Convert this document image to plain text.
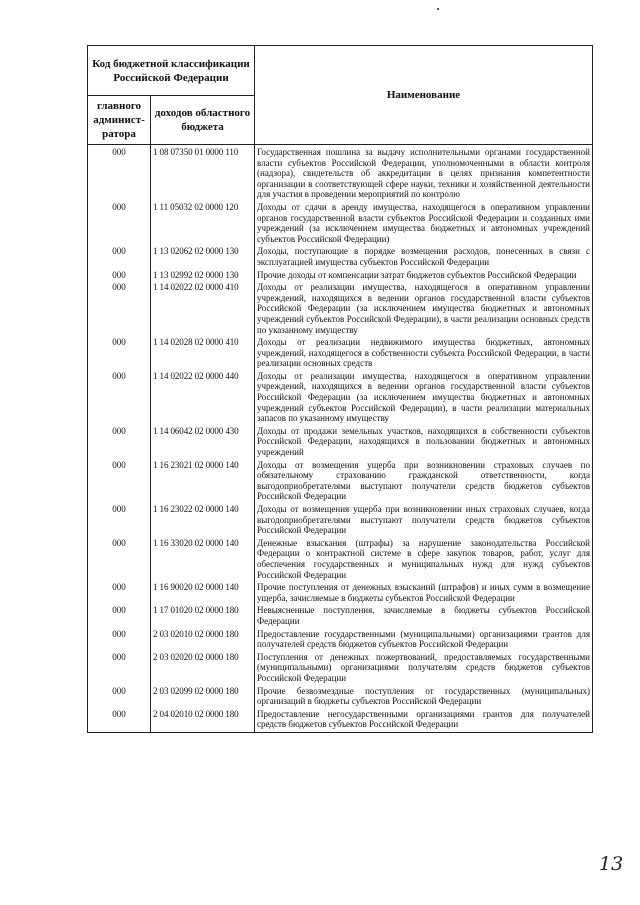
Код бюджетной классификации Российской Федерации		Наименование
главного админист-ратора	доходов областного бюджета	
000	1 08 07350 01 0000 110	Государственная пошлина за выдачу исполнительными органами государственной власти субъектов Российской Федерации, уполномоченными в области контроля (надзора), свидетельств об аккредитации в целях признания компетентности организации в соответствующей сфере науки, техники и хозяйственной деятельности для участия в проведении мероприятий по контролю
000	1 11 05032 02 0000 120	Доходы от сдачи в аренду имущества, находящегося в оперативном управлении органов государственной власти субъектов Российской Федерации и созданных ими учреждений (за исключением имущества бюджетных и автономных учреждений субъектов Российской Федерации)
000	1 13 02062 02 0000 130	Доходы, поступающие в порядке возмещения расходов, понесенных в связи с эксплуатацией имущества субъектов Российской Федерации
000	1 13 02992 02 0000 130	Прочие доходы от компенсации затрат бюджетов субъектов Российской Федерации
000	1 14 02022 02 0000 410	Доходы от реализации имущества, находящегося в оперативном управлении учреждений, находящихся в ведении органов государственной власти субъектов Российской Федерации (за исключением имущества бюджетных и автономных учреждений субъектов Российской Федерации), в части реализации основных средств по указанному имуществу
000	1 14 02028 02 0000 410	Доходы от реализации недвижимого имущества бюджетных, автономных учреждений, находящегося в собственности субъекта Российской Федерации, в части реализации основных средств
000	1 14 02022 02 0000 440	Доходы от реализации имущества, находящегося в оперативном управлении учреждений, находящихся в ведении органов государственной власти субъектов Российской Федерации (за исключением имущества бюджетных и автономных учреждений субъектов Российской Федерации), в части реализации материальных запасов по указанному имуществу
000	1 14 06042 02 0000 430	Доходы от продажи земельных участков, находящихся в собственности субъектов Российской Федерации, находящихся в пользовании бюджетных и автономных учреждений
000	1 16 23021 02 0000 140	Доходы от возмещения ущерба при возникновении страховых случаев по обязательному страхованию гражданской ответственности, когда выгодоприобретателями выступают получатели средств бюджетов субъектов Российской Федерации
000	1 16 23022 02 0000 140	Доходы от возмещения ущерба при возникновении иных страховых случаев, когда выгодоприобретателями выступают получатели средств бюджетов субъектов Российской Федерации
000	1 16 33020 02 0000 140	Денежные взыскания (штрафы) за нарушение законодательства Российской Федерации о контрактной системе в сфере закупок товаров, работ, услуг для обеспечения государственных и муниципальных нужд для нужд субъектов Российской Федерации
000	1 16 90020 02 0000 140	Прочие поступления от денежных взысканий (штрафов) и иных сумм в возмещение ущерба, зачисляемые в бюджеты субъектов Российской Федерации
000	1 17 01020 02 0000 180	Невыясненные поступления, зачисляемые в бюджеты субъектов Российской Федерации
000	2 03 02010 02 0000 180	Предоставление государственными (муниципальными) организациями грантов для получателей средств бюджетов субъектов Российской Федерации
000	2 03 02020 02 0000 180	Поступления от денежных пожертвований, предоставляемых государственными (муниципальными) организациями получателям средств бюджетов субъектов Российской Федерации
000	2 03 02099 02 0000 180	Прочие безвозмездные поступления от государственных (муниципальных) организаций в бюджеты субъектов Российской Федерации
000	2 04 02010 02 0000 180	Предоставление негосударственными организациями грантов для получателей средств бюджетов субъектов Российской Федерации
13
